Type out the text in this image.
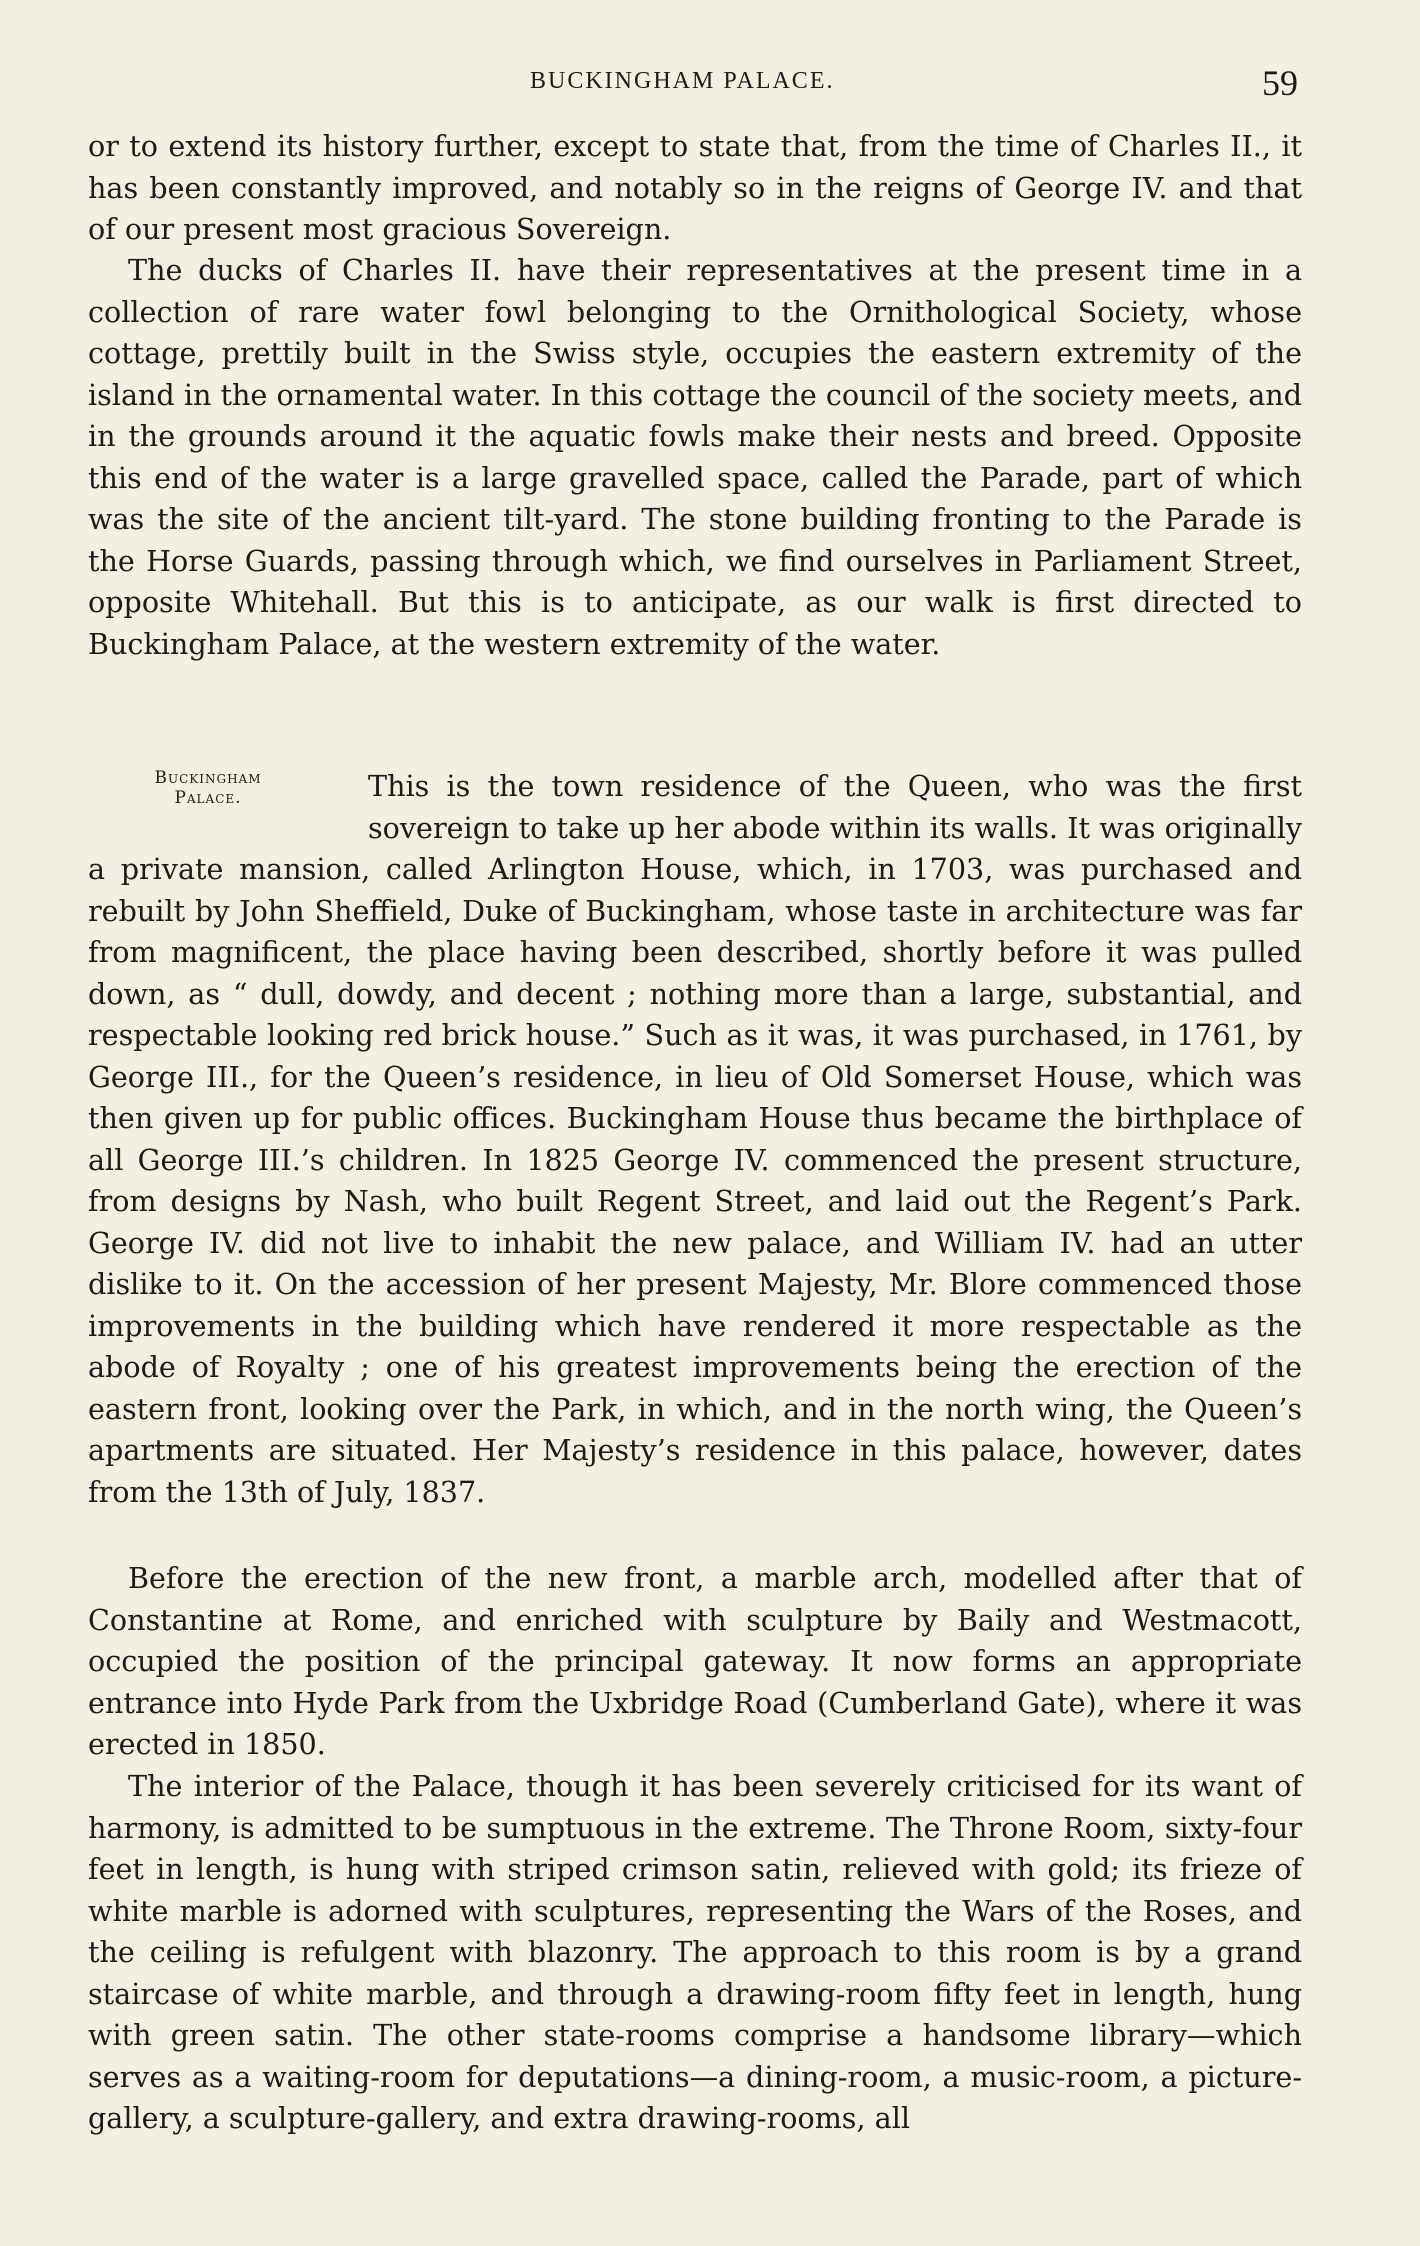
BUCKINGHAM PALACE.	59

or to extend its history further, except to state that, from the time of Charles II., it has been constantly improved, and notably so in the reigns of George IV. and that of our present most gracious Sovereign.

The ducks of Charles II. have their representatives at the present time in a collection of rare water fowl belonging to the Ornithological Society, whose cottage, prettily built in the Swiss style, occupies the eastern extremity of the island in the ornamental water. In this cottage the council of the society meets, and in the grounds around it the aquatic fowls make their nests and breed. Opposite this end of the water is a large gravelled space, called the Parade, part of which was the site of the ancient tilt-yard. The stone building fronting to the Parade is the Horse Guards, passing through which, we find ourselves in Parliament Street, opposite Whitehall. But this is to anticipate, as our walk is first directed to Buckingham Palace, at the western extremity of the water.

Buckingham
Palace.	This is the town residence of the Queen, who was the first sovereign to take up her abode within its walls. It was originally a private mansion, called Arlington House, which, in 1703, was purchased and rebuilt by John Sheffield, Duke of Buckingham, whose taste in architecture was far from magnificent, the place having been described, shortly before it was pulled down, as “ dull, dowdy, and decent ; nothing more than a large, substantial, and respectable looking red brick house.” Such as it was, it was purchased, in 1761, by George III., for the Queen’s residence, in lieu of Old Somerset House, which was then given up for public offices. Buckingham House thus became the birthplace of all George III.’s children. In 1825 George IV. commenced the present structure, from designs by Nash, who built Regent Street, and laid out the Regent’s Park. George IV. did not live to inhabit the new palace, and William IV. had an utter dislike to it. On the accession of her present Majesty, Mr. Blore commenced those improvements in the building which have rendered it more respectable as the abode of Royalty ; one of his greatest improvements being the erection of the eastern front, looking over the Park, in which, and in the north wing, the Queen’s apartments are situated. Her Majesty’s residence in this palace, however, dates from the 13th of July, 1837.

Before the erection of the new front, a marble arch, modelled after that of Constantine at Rome, and enriched with sculpture by Baily and Westmacott, occupied the position of the principal gateway. It now forms an appropriate entrance into Hyde Park from the Uxbridge Road (Cumberland Gate), where it was erected in 1850.

The interior of the Palace, though it has been severely criticised for its want of harmony, is admitted to be sumptuous in the extreme. The Throne Room, sixty-four feet in length, is hung with striped crimson satin, relieved with gold; its frieze of white marble is adorned with sculptures, representing the Wars of the Roses, and the ceiling is refulgent with blazonry. The approach to this room is by a grand staircase of white marble, and through a drawing-room fifty feet in length, hung with green satin. The other state-rooms comprise a handsome library—which serves as a waiting-room for deputations—a dining-room, a music-room, a picture-gallery, a sculpture-gallery, and extra drawing-rooms, all
